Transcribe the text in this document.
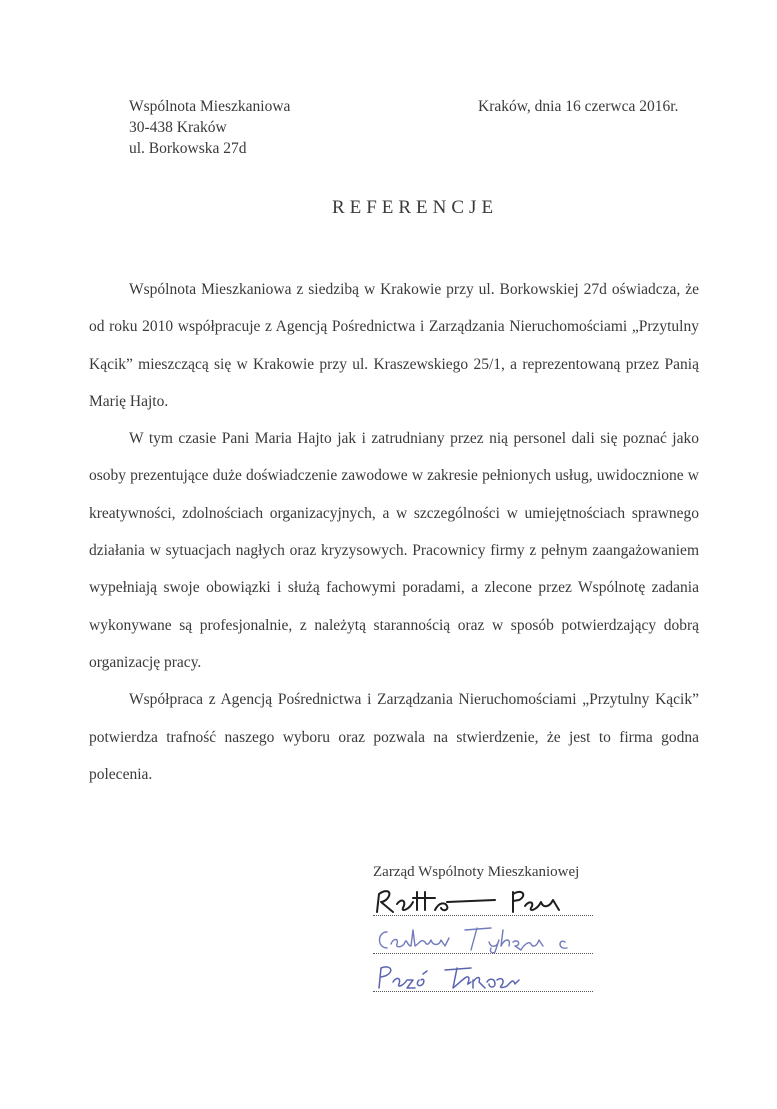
Wspólnota Mieszkaniowa
30-438 Kraków
ul. Borkowska 27d
Kraków, dnia 16 czerwca 2016r.
REFERENCJE

Wspólnota Mieszkaniowa z siedzibą w Krakowie przy ul. Borkowskiej 27d oświadcza, że od roku 2010 współpracuje z Agencją Pośrednictwa i Zarządzania Nieruchomościami „Przytulny Kącik” mieszczącą się w Krakowie przy ul. Kraszewskiego 25/1, a reprezentowaną przez Panią Marię Hajto.

W tym czasie Pani Maria Hajto jak i zatrudniany przez nią personel dali się poznać jako osoby prezentujące duże doświadczenie zawodowe w zakresie pełnionych usług, uwidocznione w kreatywności, zdolnościach organizacyjnych, a w szczególności w umiejętnościach sprawnego działania w sytuacjach nagłych oraz kryzysowych. Pracownicy firmy z pełnym zaangażowaniem wypełniają swoje obowiązki i służą fachowymi poradami, a zlecone przez Wspólnotę zadania wykonywane są profesjonalnie, z należytą starannością oraz w sposób potwierdzający dobrą organizację pracy.

Współpraca z Agencją Pośrednictwa i Zarządzania Nieruchomościami „Przytulny Kącik” potwierdza trafność naszego wyboru oraz pozwala na stwierdzenie, że jest to firma godna polecenia.

Zarząd Wspólnoty Mieszkaniowej
